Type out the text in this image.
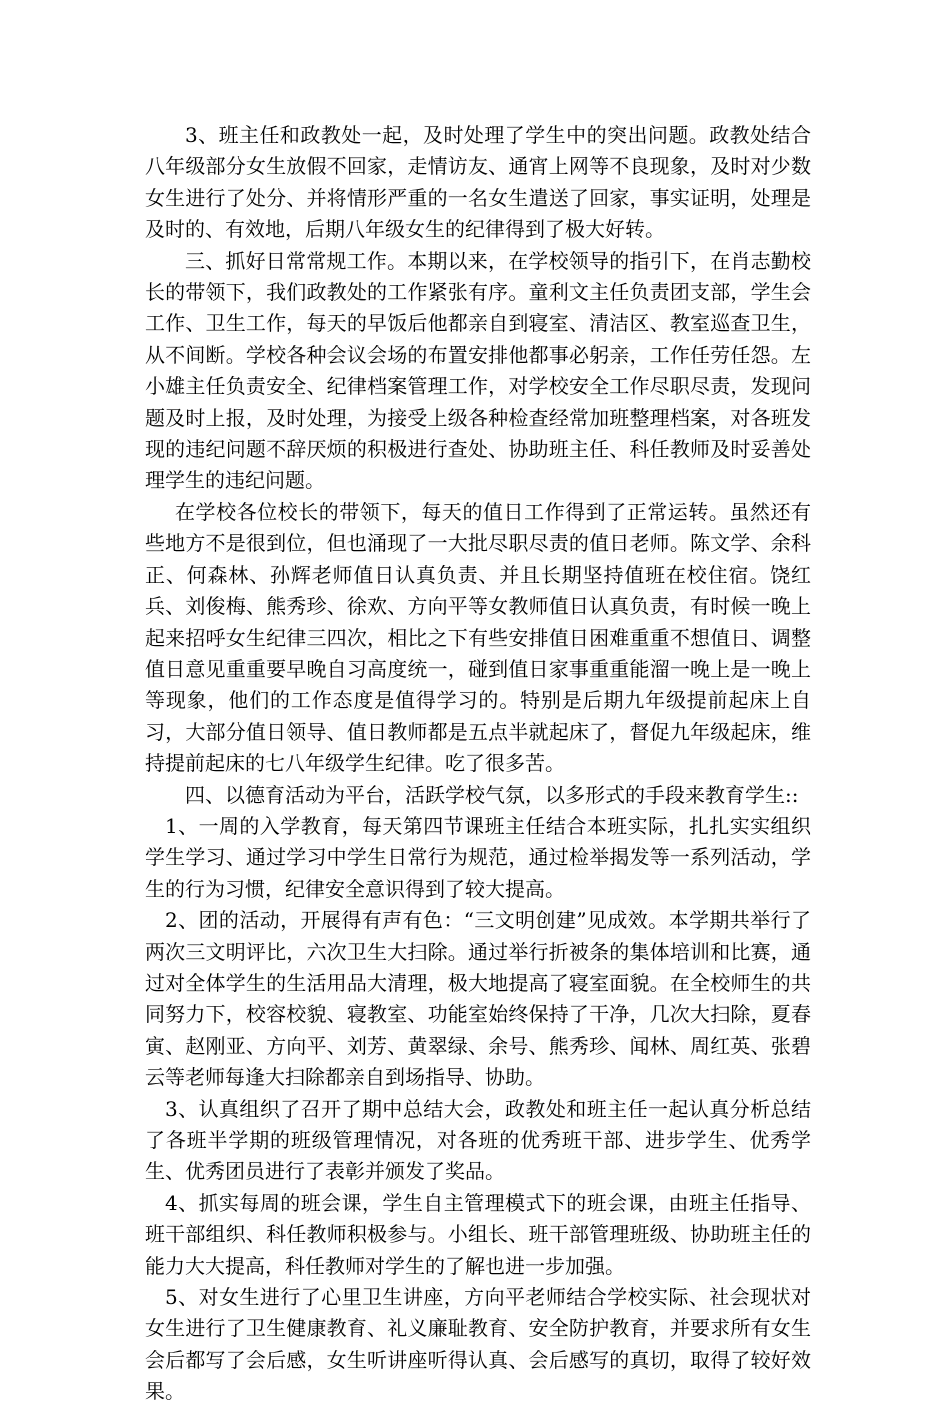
3、班主任和政教处一起，及时处理了学生中的突出问题。政教处结合八年级部分女生放假不回家，走情访友、通宵上网等不良现象，及时对少数女生进行了处分、并将情形严重的一名女生遣送了回家，事实证明，处理是及时的、有效地，后期八年级女生的纪律得到了极大好转。

三、抓好日常常规工作。本期以来，在学校领导的指引下，在肖志勤校长的带领下，我们政教处的工作紧张有序。童利文主任负责团支部，学生会工作、卫生工作，每天的早饭后他都亲自到寝室、清洁区、教室巡查卫生，从不间断。学校各种会议会场的布置安排他都事必躬亲，工作任劳任怨。左小雄主任负责安全、纪律档案管理工作，对学校安全工作尽职尽责，发现问题及时上报，及时处理，为接受上级各种检查经常加班整理档案，对各班发现的违纪问题不辞厌烦的积极进行查处、协助班主任、科任教师及时妥善处理学生的违纪问题。

在学校各位校长的带领下，每天的值日工作得到了正常运转。虽然还有些地方不是很到位，但也涌现了一大批尽职尽责的值日老师。陈文学、余科正、何森林、孙辉老师值日认真负责、并且长期坚持值班在校住宿。饶红兵、刘俊梅、熊秀珍、徐欢、方向平等女教师值日认真负责，有时候一晚上起来招呼女生纪律三四次，相比之下有些安排值日困难重重不想值日、调整值日意见重重要早晚自习高度统一，碰到值日家事重重能溜一晚上是一晚上等现象，他们的工作态度是值得学习的。特别是后期九年级提前起床上自习，大部分值日领导、值日教师都是五点半就起床了，督促九年级起床，维持提前起床的七八年级学生纪律。吃了很多苦。

四、以德育活动为平台，活跃学校气氛，以多形式的手段来教育学生::

1、一周的入学教育，每天第四节课班主任结合本班实际，扎扎实实组织学生学习、通过学习中学生日常行为规范，通过检举揭发等一系列活动，学生的行为习惯，纪律安全意识得到了较大提高。

2、团的活动，开展得有声有色：“三文明创建”见成效。本学期共举行了两次三文明评比，六次卫生大扫除。通过举行折被条的集体培训和比赛，通过对全体学生的生活用品大清理，极大地提高了寝室面貌。在全校师生的共同努力下，校容校貌、寝教室、功能室始终保持了干净，几次大扫除，夏春寅、赵刚亚、方向平、刘芳、黄翠绿、余号、熊秀珍、闻林、周红英、张碧云等老师每逢大扫除都亲自到场指导、协助。

3、认真组织了召开了期中总结大会，政教处和班主任一起认真分析总结了各班半学期的班级管理情况，对各班的优秀班干部、进步学生、优秀学生、优秀团员进行了表彰并颁发了奖品。

4、抓实每周的班会课，学生自主管理模式下的班会课，由班主任指导、班干部组织、科任教师积极参与。小组长、班干部管理班级、协助班主任的能力大大提高，科任教师对学生的了解也进一步加强。

5、对女生进行了心里卫生讲座，方向平老师结合学校实际、社会现状对女生进行了卫生健康教育、礼义廉耻教育、安全防护教育，并要求所有女生会后都写了会后感，女生听讲座听得认真、会后感写的真切，取得了较好效果。
